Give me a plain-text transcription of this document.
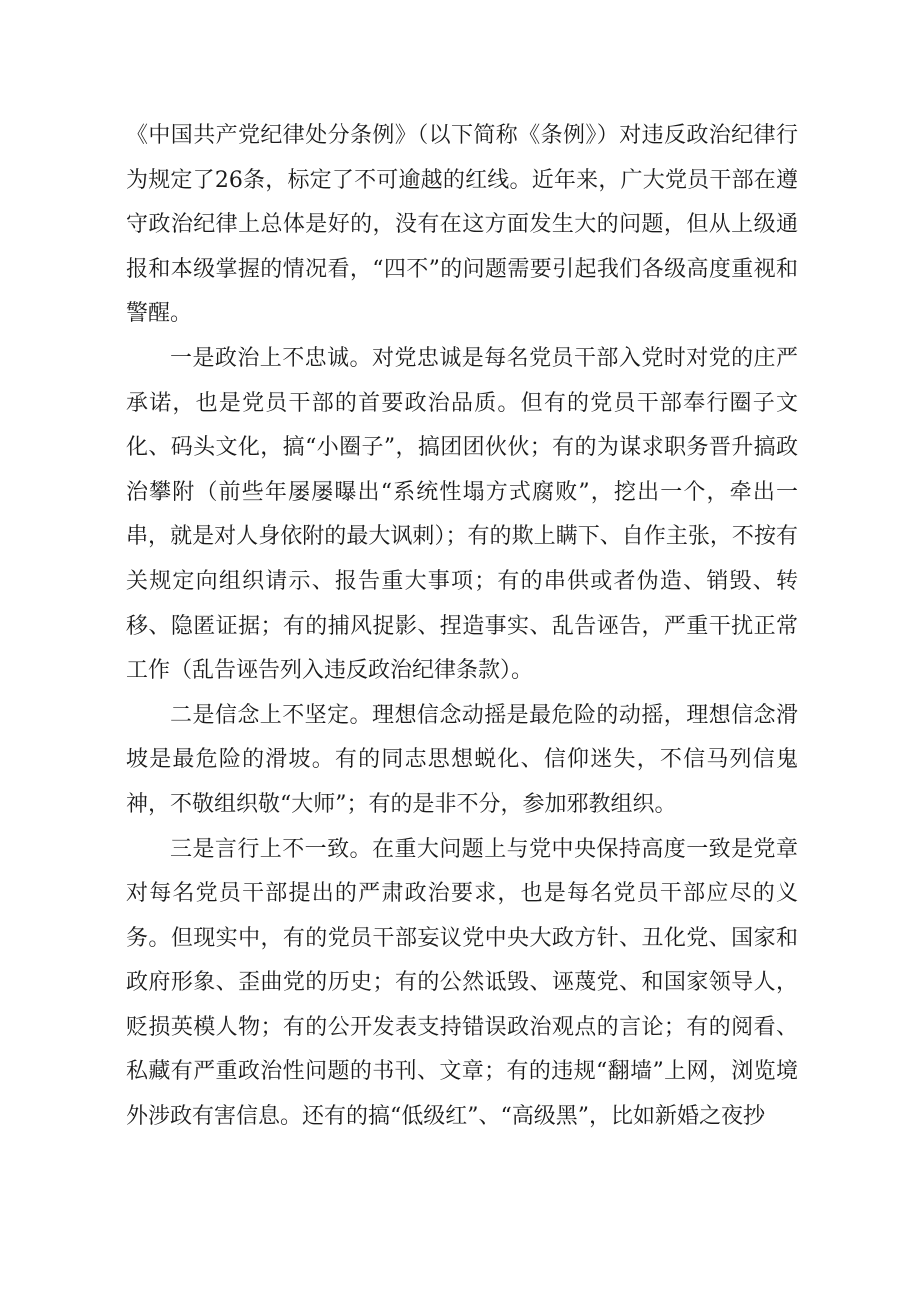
《中国共产党纪律处分条例》（以下简称《条例》）对违反政治纪律行为规定了26条，标定了不可逾越的红线。近年来，广大党员干部在遵守政治纪律上总体是好的，没有在这方面发生大的问题，但从上级通报和本级掌握的情况看，“四不”的问题需要引起我们各级高度重视和警醒。

一是政治上不忠诚。对党忠诚是每名党员干部入党时对党的庄严承诺，也是党员干部的首要政治品质。但有的党员干部奉行圈子文化、码头文化，搞“小圈子”，搞团团伙伙；有的为谋求职务晋升搞政治攀附（前些年屡屡曝出“系统性塌方式腐败”，挖出一个，牵出一串，就是对人身依附的最大讽刺）；有的欺上瞒下、自作主张，不按有关规定向组织请示、报告重大事项；有的串供或者伪造、销毁、转移、隐匿证据；有的捕风捉影、捏造事实、乱告诬告，严重干扰正常工作（乱告诬告列入违反政治纪律条款）。

二是信念上不坚定。理想信念动摇是最危险的动摇，理想信念滑坡是最危险的滑坡。有的同志思想蜕化、信仰迷失，不信马列信鬼神，不敬组织敬“大师”；有的是非不分，参加邪教组织。

三是言行上不一致。在重大问题上与党中央保持高度一致是党章对每名党员干部提出的严肃政治要求，也是每名党员干部应尽的义务。但现实中，有的党员干部妄议党中央大政方针、丑化党、国家和政府形象、歪曲党的历史；有的公然诋毁、诬蔑党、和国家领导人，贬损英模人物；有的公开发表支持错误政治观点的言论；有的阅看、私藏有严重政治性问题的书刊、文章；有的违规“翻墙”上网，浏览境外涉政有害信息。还有的搞“低级红”、“高级黑”，比如新婚之夜抄
